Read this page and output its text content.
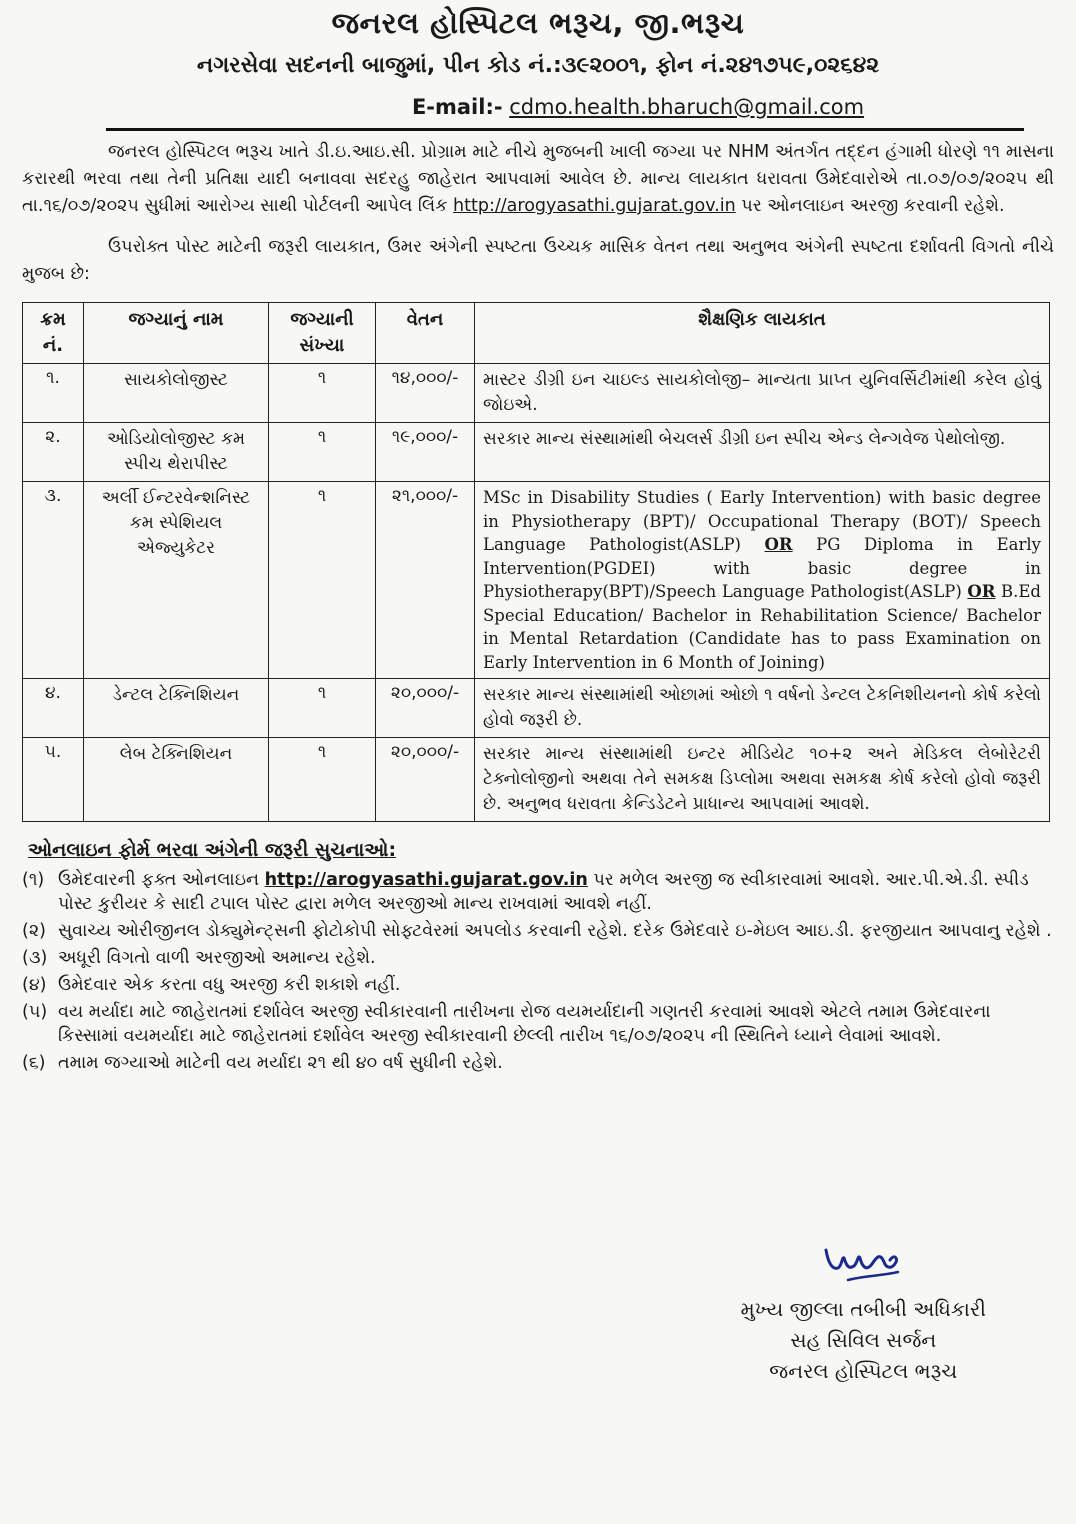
જનરલ હોસ્પિટલ ભરૂચ, જી.ભરૂચ
નગરસેવા સદનની બાજુમાં, પીન કોડ નં.:૩૯૨૦૦૧, ફોન નં.૨૪૧૭૫૯,૦૨૬૪૨
E-mail:- cdmo.health.bharuch@gmail.com
જનરલ હોસ્પિટલ ભરૂચ ખાતે ડી.ઇ.આઇ.સી. પ્રોગ્રામ માટે નીચે મુજબની ખાલી જગ્યા પર NHM અંતર્ગત તદ્દન હંગામી ધોરણે ૧૧ માસના કરારથી ભરવા તથા તેની પ્રતિક્ષા યાદી બનાવવા સદરહુ જાહેરાત આપવામાં આવેલ છે. માન્ય લાયકાત ધરાવતા ઉમેદવારોએ તા.૦૭/૦૭/૨૦૨૫ થી તા.૧૬/૦૭/૨૦૨૫ સુધીમાં આરોગ્ય સાથી પોર્ટલની આપેલ લિંક http://arogyasathi.gujarat.gov.in પર ઓનલાઇન અરજી કરવાની રહેશે.
ઉપરોક્ત પોસ્ટ માટેની જરૂરી લાયકાત, ઉમર અંગેની સ્પષ્ટતા ઉચ્ચક માસિક વેતન તથા અનુભવ અંગેની સ્પષ્ટતા દર્શાવતી વિગતો નીચે મુજબ છે:
ક્રમ નં.	જગ્યાનું નામ	જગ્યાની સંખ્યા	વેતન	શૈક્ષણિક લાયકાત
૧.	સાયકોલોજીસ્ટ	૧	૧૪,૦૦૦/-	માસ્ટર ડીગ્રી ઇન ચાઇલ્ડ સાયકોલોજી– માન્યતા પ્રાપ્ત યુનિવર્સિટીમાંથી કરેલ હોવું જોઇએ.
૨.	ઓડિયોલોજીસ્ટ કમ સ્પીચ થેરાપીસ્ટ	૧	૧૯,૦૦૦/-	સરકાર માન્ય સંસ્થામાંથી બેચલર્સ ડીગ્રી ઇન સ્પીચ એન્ડ લેન્ગવેજ પેથોલોજી.
૩.	અર્લી ઈન્ટરવેન્શનિસ્ટ કમ સ્પેશિયલ એજ્યુકેટર	૧	૨૧,૦૦૦/-	MSc in Disability Studies ( Early Intervention) with basic degree in Physiotherapy (BPT)/ Occupational Therapy (BOT)/ Speech Language Pathologist(ASLP) OR PG Diploma in Early Intervention(PGDEI) with basic degree in Physiotherapy(BPT)/Speech Language Pathologist(ASLP) OR B.Ed Special Education/ Bachelor in Rehabilitation Science/ Bachelor in Mental Retardation (Candidate has to pass Examination on Early Intervention in 6 Month of Joining)
૪.	ડેન્ટલ ટેક્નિશિયન	૧	૨૦,૦૦૦/-	સરકાર માન્ય સંસ્થામાંથી ઓછામાં ઓછો ૧ વર્ષનો ડેન્ટલ ટેકનિશીયનનો કોર્ષ કરેલો હોવો જરૂરી છે.
૫.	લેબ ટેક્નિશિયન	૧	૨૦,૦૦૦/-	સરકાર માન્ય સંસ્થામાંથી ઇન્ટર મીડિયેટ ૧૦+૨ અને મેડિકલ લેબોરેટરી ટેક્નોલોજીનો અથવા તેને સમકક્ષ ડિપ્લોમા અથવા સમકક્ષ કોર્ષ કરેલો હોવો જરૂરી છે. અનુભવ ધરાવતા કેન્ડિડેટને પ્રાધાન્ય આપવામાં આવશે.
ઓનલાઇન ફોર્મ ભરવા અંગેની જરૂરી સુચનાઓ:
(૧) ઉમેદવારની ફક્ત ઓનલાઇન http://arogyasathi.gujarat.gov.in પર મળેલ અરજી જ સ્વીકારવામાં આવશે. આર.પી.એ.ડી. સ્પીડ પોસ્ટ કુરીયર કે સાદી ટપાલ પોસ્ટ દ્વારા મળેલ અરજીઓ માન્ય રાખવામાં આવશે નહીં.
(૨) સુવાચ્ય ઓરીજીનલ ડોક્યુમેન્ટ્સની ફોટોકોપી સોફ્ટવેરમાં અપલોડ કરવાની રહેશે. દરેક ઉમેદવારે ઇ-મેઇલ આઇ.ડી. ફરજીયાત આપવાનુ રહેશે .
(૩) અધૂરી વિગતો વાળી અરજીઓ અમાન્ય રહેશે.
(૪) ઉમેદવાર એક કરતા વધુ અરજી કરી શકાશે નહીં.
(૫) વય મર્યાદા માટે જાહેરાતમાં દર્શાવેલ અરજી સ્વીકારવાની તારીખના રોજ વયમર્યાદાની ગણતરી કરવામાં આવશે એટલે તમામ ઉમેદવારના કિસ્સામાં વયમર્યાદા માટે જાહેરાતમાં દર્શાવેલ અરજી સ્વીકારવાની છેલ્લી તારીખ ૧૬/૦૭/૨૦૨૫ ની સ્થિતિને ધ્યાને લેવામાં આવશે.
(૬) તમામ જગ્યાઓ માટેની વય મર્યાદા ૨૧ થી ૪૦ વર્ષ સુધીની રહેશે.
મુખ્ય જીલ્લા તબીબી અધિકારી
સહ સિવિલ સર્જન
જનરલ હોસ્પિટલ ભરૂચ
